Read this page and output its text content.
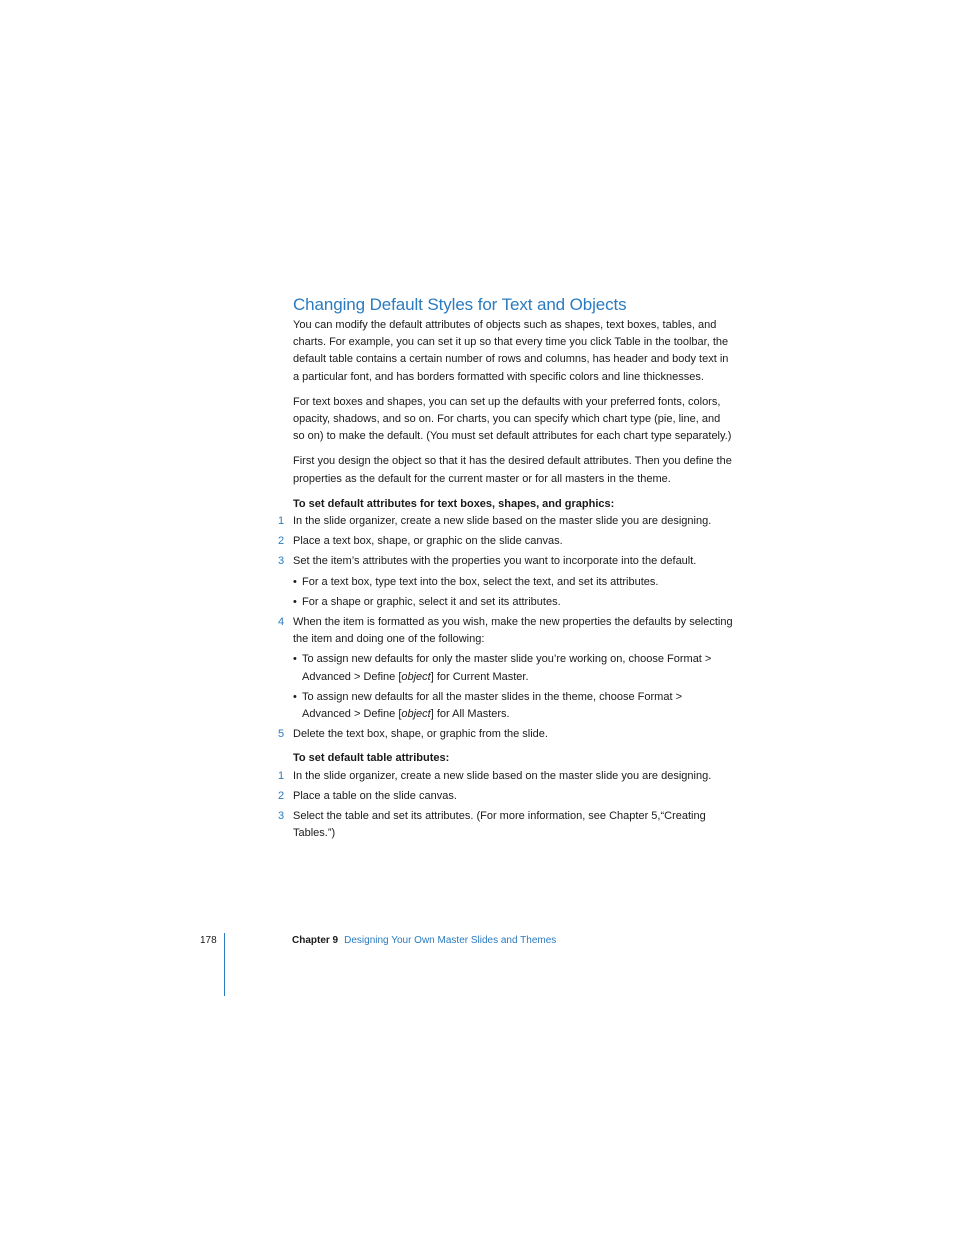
Changing Default Styles for Text and Objects

You can modify the default attributes of objects such as shapes, text boxes, tables, and charts. For example, you can set it up so that every time you click Table in the toolbar, the default table contains a certain number of rows and columns, has header and body text in a particular font, and has borders formatted with specific colors and line thicknesses.

For text boxes and shapes, you can set up the defaults with your preferred fonts, colors, opacity, shadows, and so on. For charts, you can specify which chart type (pie, line, and so on) to make the default. (You must set default attributes for each chart type separately.)

First you design the object so that it has the desired default attributes. Then you define the properties as the default for the current master or for all masters in the theme.

To set default attributes for text boxes, shapes, and graphics:

1 In the slide organizer, create a new slide based on the master slide you are designing.
2 Place a text box, shape, or graphic on the slide canvas.
3 Set the item’s attributes with the properties you want to incorporate into the default.
• For a text box, type text into the box, select the text, and set its attributes.
• For a shape or graphic, select it and set its attributes.
4 When the item is formatted as you wish, make the new properties the defaults by selecting the item and doing one of the following:
• To assign new defaults for only the master slide you’re working on, choose Format > Advanced > Define [object] for Current Master.
• To assign new defaults for all the master slides in the theme, choose Format > Advanced > Define [object] for All Masters.
5 Delete the text box, shape, or graphic from the slide.

To set default table attributes:

1 In the slide organizer, create a new slide based on the master slide you are designing.
2 Place a table on the slide canvas.
3 Select the table and set its attributes. (For more information, see Chapter 5,“Creating Tables.”)
178	Chapter 9 Designing Your Own Master Slides and Themes
